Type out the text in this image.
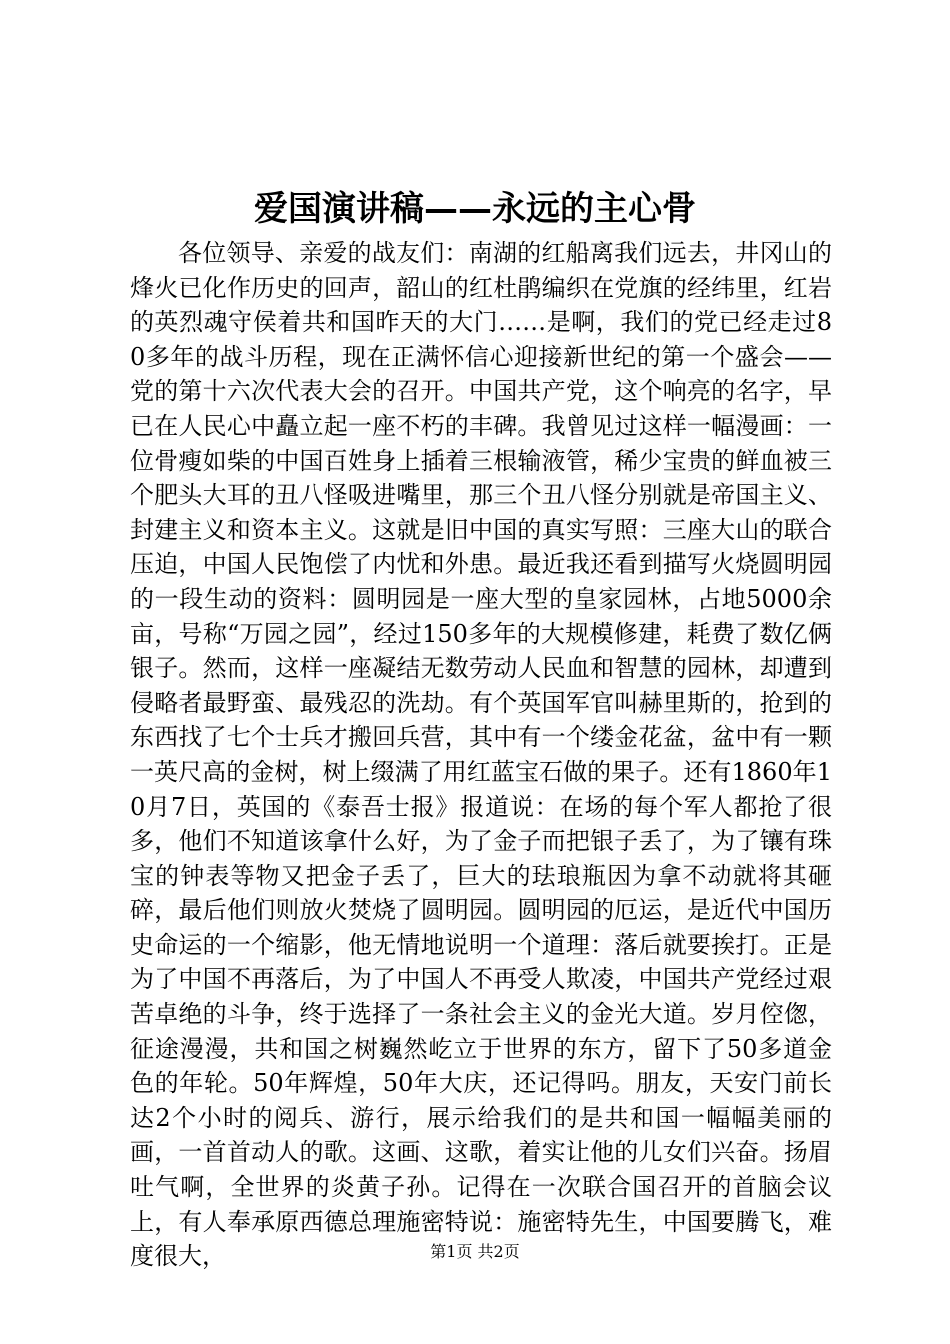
爱国演讲稿——永远的主心骨

各位领导、亲爱的战友们：南湖的红船离我们远去，井冈山的烽火已化作历史的回声，韶山的红杜鹃编织在党旗的经纬里，红岩的英烈魂守侯着共和国昨天的大门……是啊，我们的党已经走过80多年的战斗历程，现在正满怀信心迎接新世纪的第一个盛会——党的第十六次代表大会的召开。中国共产党，这个响亮的名字，早已在人民心中矗立起一座不朽的丰碑。我曾见过这样一幅漫画：一位骨瘦如柴的中国百姓身上插着三根输液管，稀少宝贵的鲜血被三个肥头大耳的丑八怪吸进嘴里，那三个丑八怪分别就是帝国主义、封建主义和资本主义。这就是旧中国的真实写照：三座大山的联合压迫，中国人民饱偿了内忧和外患。最近我还看到描写火烧圆明园的一段生动的资料：圆明园是一座大型的皇家园林，占地5000余亩，号称“万园之园”，经过150多年的大规模修建，耗费了数亿俩银子。然而，这样一座凝结无数劳动人民血和智慧的园林，却遭到侵略者最野蛮、最残忍的洗劫。有个英国军官叫赫里斯的，抢到的东西找了七个士兵才搬回兵营，其中有一个缕金花盆，盆中有一颗一英尺高的金树，树上缀满了用红蓝宝石做的果子。还有1860年10月7日，英国的《泰吾士报》报道说：在场的每个军人都抢了很多，他们不知道该拿什么好，为了金子而把银子丢了，为了镶有珠宝的钟表等物又把金子丢了，巨大的珐琅瓶因为拿不动就将其砸碎，最后他们则放火焚烧了圆明园。圆明园的厄运，是近代中国历史命运的一个缩影，他无情地说明一个道理：落后就要挨打。正是为了中国不再落后，为了中国人不再受人欺凌，中国共产党经过艰苦卓绝的斗争，终于选择了一条社会主义的金光大道。岁月倥偬，征途漫漫，共和国之树巍然屹立于世界的东方，留下了50多道金色的年轮。50年辉煌，50年大庆，还记得吗。朋友，天安门前长达2个小时的阅兵、游行，展示给我们的是共和国一幅幅美丽的画，一首首动人的歌。这画、这歌，着实让他的儿女们兴奋。扬眉吐气啊，全世界的炎黄子孙。记得在一次联合国召开的首脑会议上，有人奉承原西德总理施密特说：施密特先生，中国要腾飞，难度很大，	第1页 共2页
